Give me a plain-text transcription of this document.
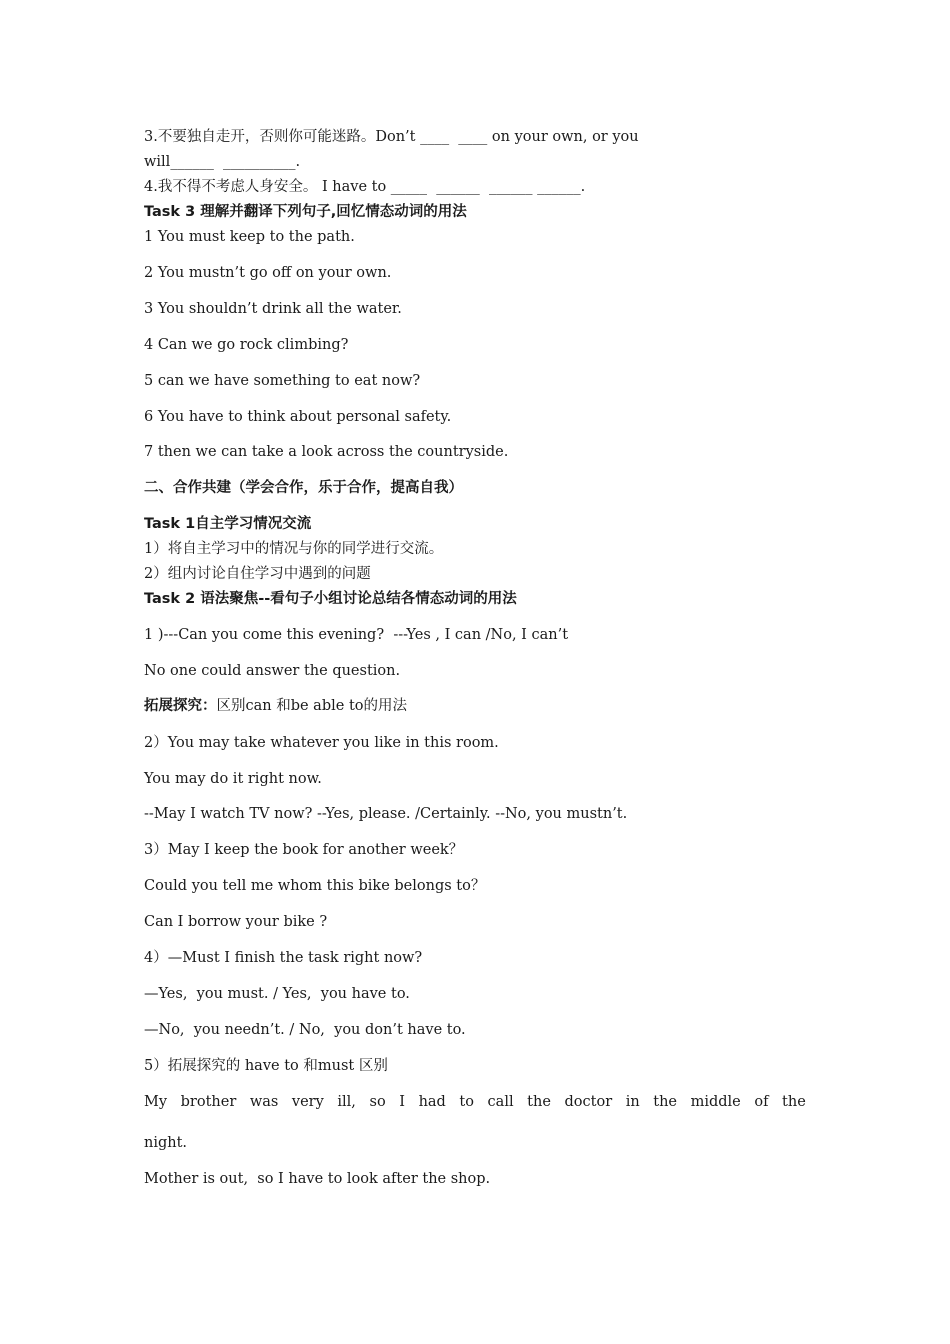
3.不要独自走开，否则你可能迷路。Don’t ____  ____ on your own, or you
will______  __________.
4.我不得不考虑人身安全。 I have to _____  ______  ______ ______.
Task 3 理解并翻译下列句子,回忆情态动词的用法
1 You must keep to the path.
2 You mustn’t go off on your own.
3 You shouldn’t drink all the water.
4 Can we go rock climbing?
5 can we have something to eat now?
6 You have to think about personal safety.
7 then we can take a look across the countryside.
二、合作共建（学会合作，乐于合作，提高自我）
Task 1自主学习情况交流
1）将自主学习中的情况与你的同学进行交流。
2）组内讨论自住学习中遇到的问题
Task 2 语法聚焦--看句子小组讨论总结各情态动词的用法
1 )---Can you come this evening?  ---Yes , I can /No, I can’t
No one could answer the question.
拓展探究：区别can 和be able to的用法
2）You may take whatever you like in this room.
You may do it right now.
--May I watch TV now? --Yes, please. /Certainly. --No, you mustn’t.
3）May I keep the book for another week？
Could you tell me whom this bike belongs to？
Can I borrow your bike ?
4）—Must I finish the task right now?
—Yes,  you must. / Yes,  you have to.
—No,  you needn’t. / No,  you don’t have to.
5）拓展探究的 have to 和must 区别
My brother was very ill, so I had to call the doctor in the middle of the
night.
Mother is out,  so I have to look after the shop.
